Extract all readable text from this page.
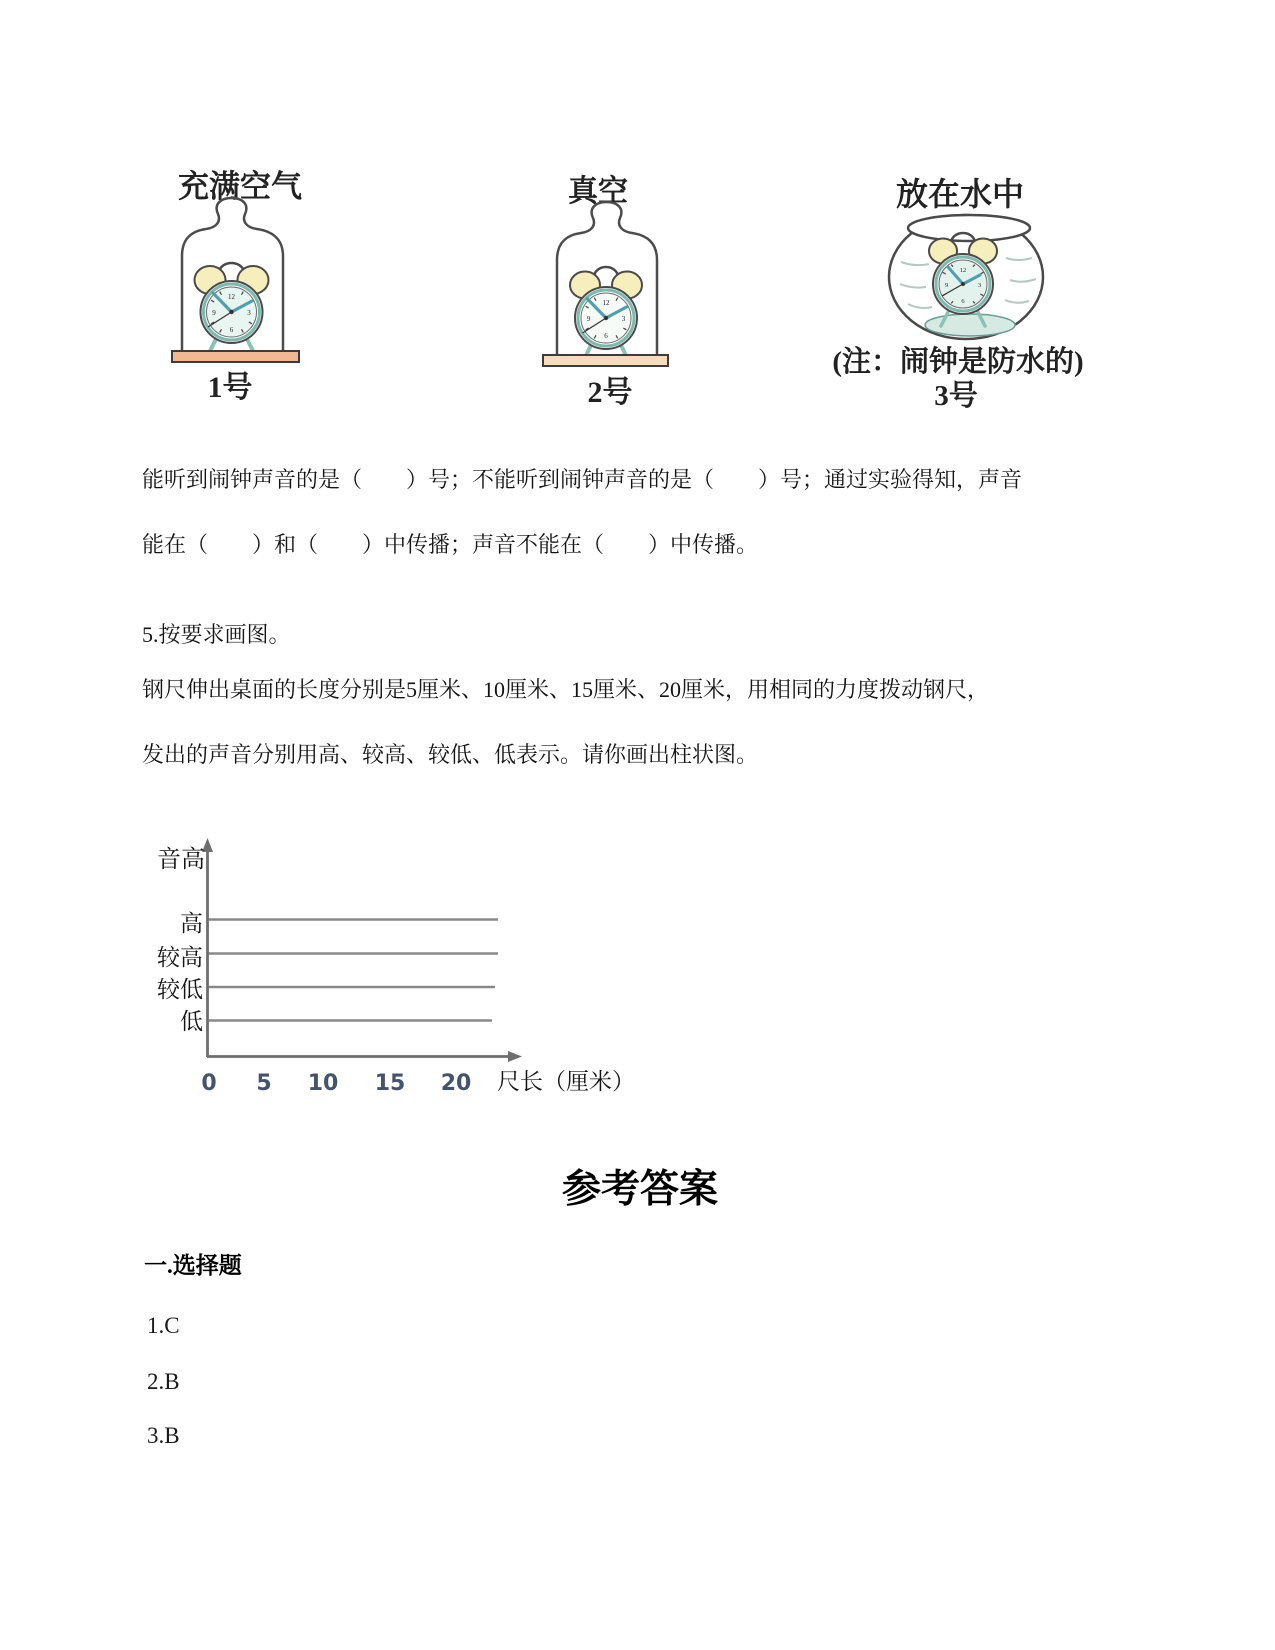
充满空气
12
3
6
9
1号
真空
12
3
6
9
2号
放在水中
12
3
6
9
(注：闹钟是防水的)
3号
能听到闹钟声音的是（　　）号；不能听到闹钟声音的是（　　）号；通过实验得知，声音
能在（　　）和（　　）中传播；声音不能在（　　）中传播。
5.按要求画图。
钢尺伸出桌面的长度分别是5厘米、10厘米、15厘米、20厘米，用相同的力度拨动钢尺，
发出的声音分别用高、较高、较低、低表示。请你画出柱状图。
音高
高
较高
较低
低
0 5 10 15 20 尺长（厘米）
参考答案
一.选择题
1.C
2.B
3.B
